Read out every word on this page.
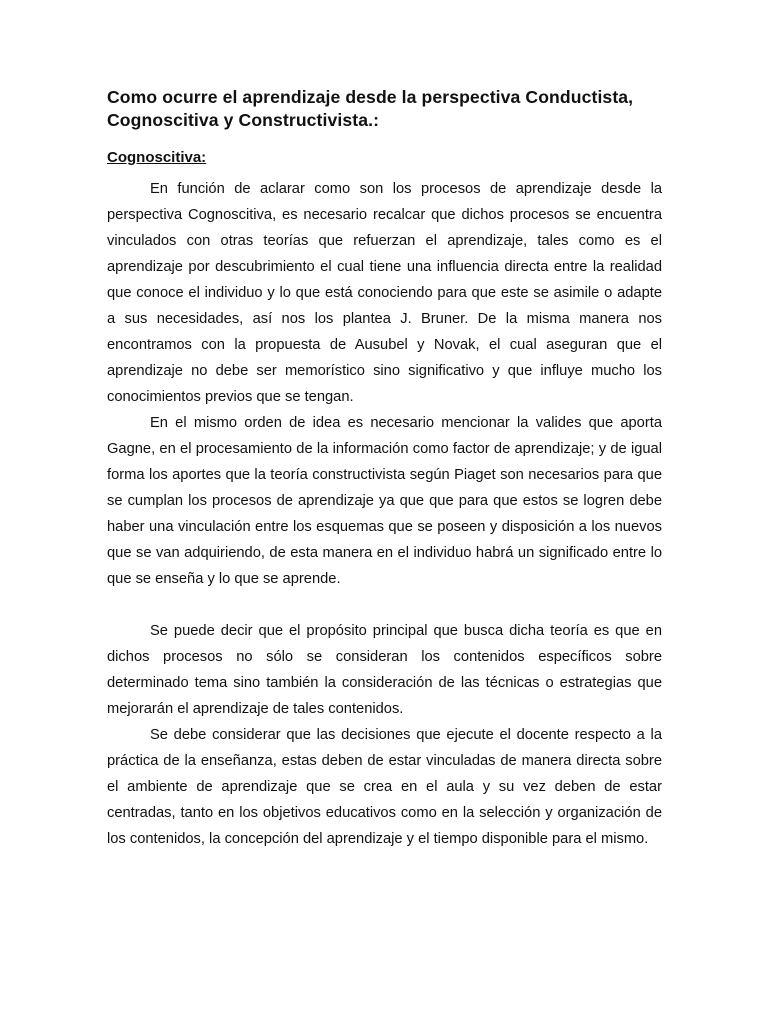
Como ocurre el aprendizaje desde la perspectiva Conductista, Cognoscitiva y Constructivista.:
Cognoscitiva:

En función de aclarar como son los procesos de aprendizaje desde la perspectiva Cognoscitiva, es necesario recalcar que dichos procesos se encuentra vinculados con otras teorías que refuerzan el aprendizaje, tales como es el aprendizaje por descubrimiento el cual tiene una influencia directa entre la realidad que conoce el individuo y lo que está conociendo para que este se asimile o adapte a sus necesidades, así nos los plantea J. Bruner. De la misma manera nos encontramos con la propuesta de Ausubel y Novak, el cual aseguran que el aprendizaje no debe ser memorístico sino significativo y que influye mucho los conocimientos previos que se tengan.

En el mismo orden de idea es necesario mencionar la valides que aporta Gagne, en el procesamiento de la información como factor de aprendizaje; y de igual forma los aportes que la teoría constructivista según Piaget son necesarios para que se cumplan los procesos de aprendizaje ya que que para que estos se logren debe haber una vinculación entre los esquemas que se poseen y disposición a los nuevos que se van adquiriendo, de esta manera en el individuo habrá un significado entre lo que se enseña y lo que se aprende.

Se puede decir que el propósito principal que busca dicha teoría es que en dichos procesos no sólo se consideran los contenidos específicos sobre determinado tema sino también la consideración de las técnicas o estrategias que mejorarán el aprendizaje de tales contenidos.

Se debe considerar que las decisiones que ejecute el docente respecto a la práctica de la enseñanza, estas deben de estar vinculadas de manera directa sobre el ambiente de aprendizaje que se crea en el aula y su vez deben de estar centradas, tanto en los objetivos educativos como en la selección y organización de los contenidos, la concepción del aprendizaje y el tiempo disponible para el mismo.
